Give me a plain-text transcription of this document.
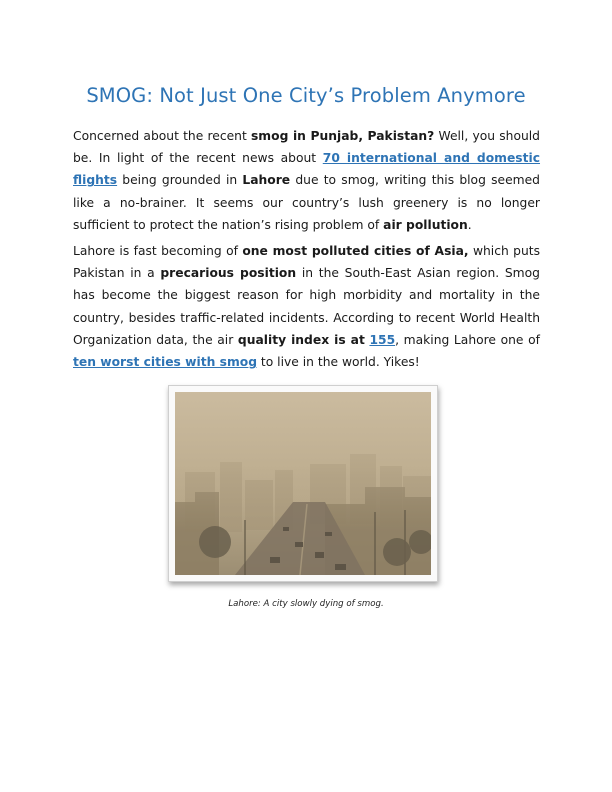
SMOG: Not Just One City’s Problem Anymore

Concerned about the recent smog in Punjab, Pakistan? Well, you should be. In light of the recent news about 70 international and domestic flights being grounded in Lahore due to smog, writing this blog seemed like a no-brainer. It seems our country’s lush greenery is no longer sufficient to protect the nation’s rising problem of air pollution.

Lahore is fast becoming of one most polluted cities of Asia, which puts Pakistan in a precarious position in the South-East Asian region. Smog has become the biggest reason for high morbidity and mortality in the country, besides traffic-related incidents. According to recent World Health Organization data, the air quality index is at 155, making Lahore one of ten worst cities with smog to live in the world. Yikes!

Lahore: A city slowly dying of smog.
